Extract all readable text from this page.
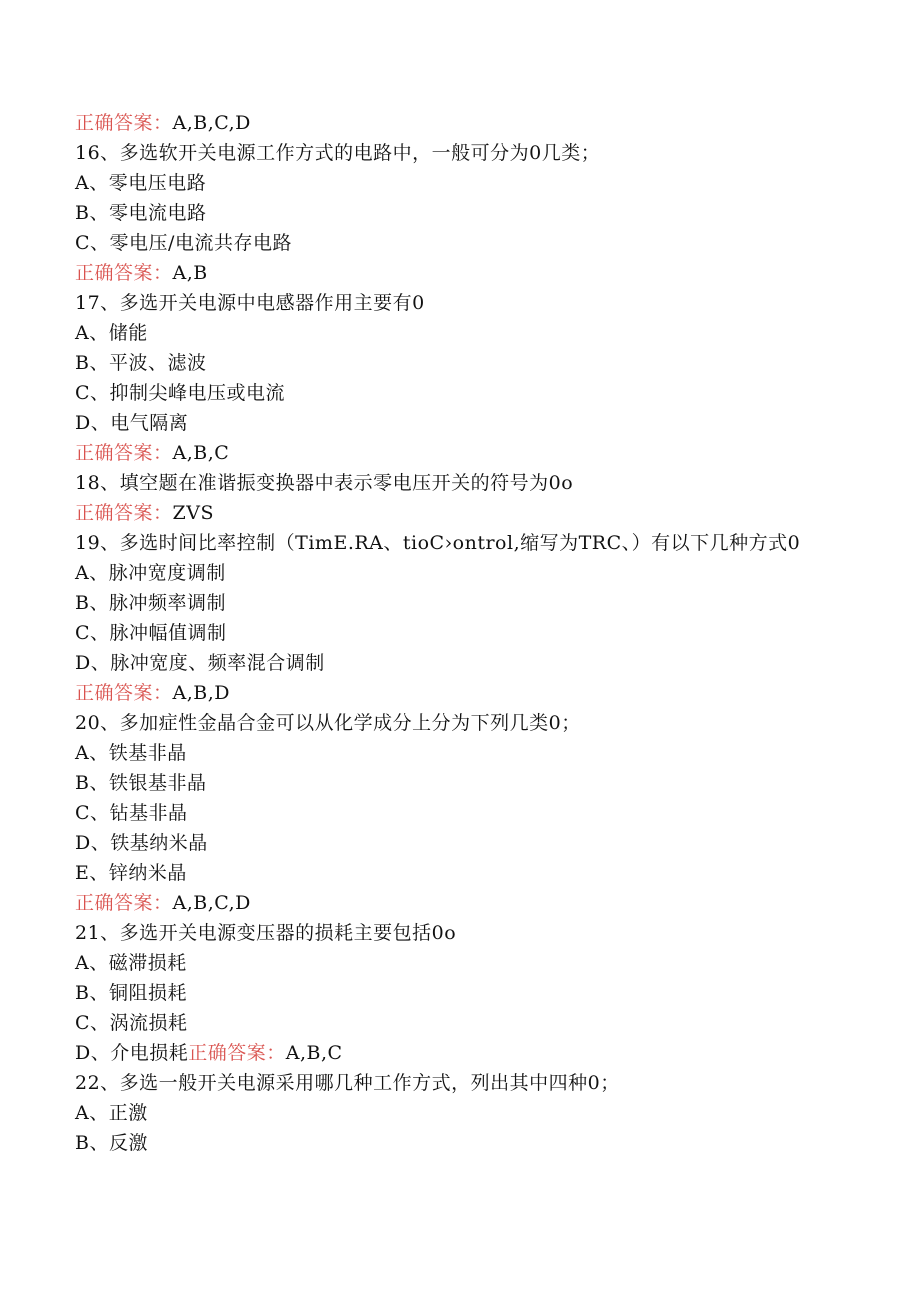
正确答案：A,B,C,D
16、多选软开关电源工作方式的电路中，一般可分为0几类；
A、零电压电路
B、零电流电路
C、零电压/电流共存电路
正确答案：A,B
17、多选开关电源中电感器作用主要有0
A、储能
B、平波、滤波
C、抑制尖峰电压或电流
D、电气隔离
正确答案：A,B,C
18、填空题在准谐振变换器中表示零电压开关的符号为0o
正确答案：ZVS
19、多选时间比率控制（TimE.RA、tioC›ontrol,缩写为TRC、）有以下几种方式0
A、脉冲宽度调制
B、脉冲频率调制
C、脉冲幅值调制
D、脉冲宽度、频率混合调制
正确答案：A,B,D
20、多加症性金晶合金可以从化学成分上分为下列几类0；
A、铁基非晶
B、铁银基非晶
C、钻基非晶
D、铁基纳米晶
E、锌纳米晶
正确答案：A,B,C,D
21、多选开关电源变压器的损耗主要包括0o
A、磁滞损耗
B、铜阻损耗
C、涡流损耗
D、介电损耗正确答案：A,B,C
22、多选一般开关电源采用哪几种工作方式，列出其中四种0；
A、正激
B、反激
